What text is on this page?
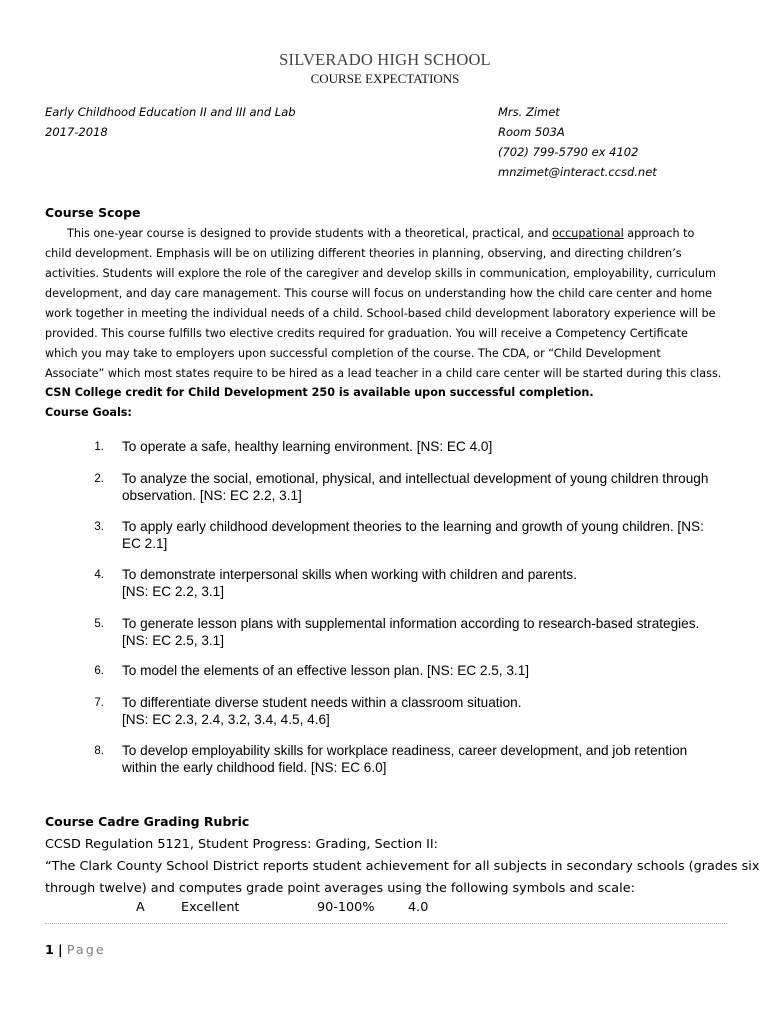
SILVERADO HIGH SCHOOL
COURSE EXPECTATIONS
Early Childhood Education II and III and Lab
2017-2018
Mrs. Zimet
Room 503A
(702) 799-5790 ex 4102
mnzimet@interact.ccsd.net
Course Scope
This one-year course is designed to provide students with a theoretical, practical, and occupational approach to
child development. Emphasis will be on utilizing different theories in planning, observing, and directing children’s
activities. Students will explore the role of the caregiver and develop skills in communication, employability, curriculum
development, and day care management. This course will focus on understanding how the child care center and home
work together in meeting the individual needs of a child. School-based child development laboratory experience will be
provided. This course fulfills two elective credits required for graduation. You will receive a Competency Certificate
which you may take to employers upon successful completion of the course. The CDA, or “Child Development
Associate” which most states require to be hired as a lead teacher in a child care center will be started during this class.
CSN College credit for Child Development 250 is available upon successful completion.
Course Goals:
1. To operate a safe, healthy learning environment. [NS: EC 4.0]
2. To analyze the social, emotional, physical, and intellectual development of young children through
observation. [NS: EC 2.2, 3.1]
3. To apply early childhood development theories to the learning and growth of young children. [NS:
EC 2.1]
4. To demonstrate interpersonal skills when working with children and parents.
[NS: EC 2.2, 3.1]
5. To generate lesson plans with supplemental information according to research-based strategies.
[NS: EC 2.5, 3.1]
6. To model the elements of an effective lesson plan. [NS: EC 2.5, 3.1]
7. To differentiate diverse student needs within a classroom situation.
[NS: EC 2.3, 2.4, 3.2, 3.4, 4.5, 4.6]
8. To develop employability skills for workplace readiness, career development, and job retention
within the early childhood field. [NS: EC 6.0]
Course Cadre Grading Rubric
CCSD Regulation 5121, Student Progress: Grading, Section II:
“The Clark County School District reports student achievement for all subjects in secondary schools (grades six
through twelve) and computes grade point averages using the following symbols and scale:
A	Excellent	90-100%	4.0
1 | Page
